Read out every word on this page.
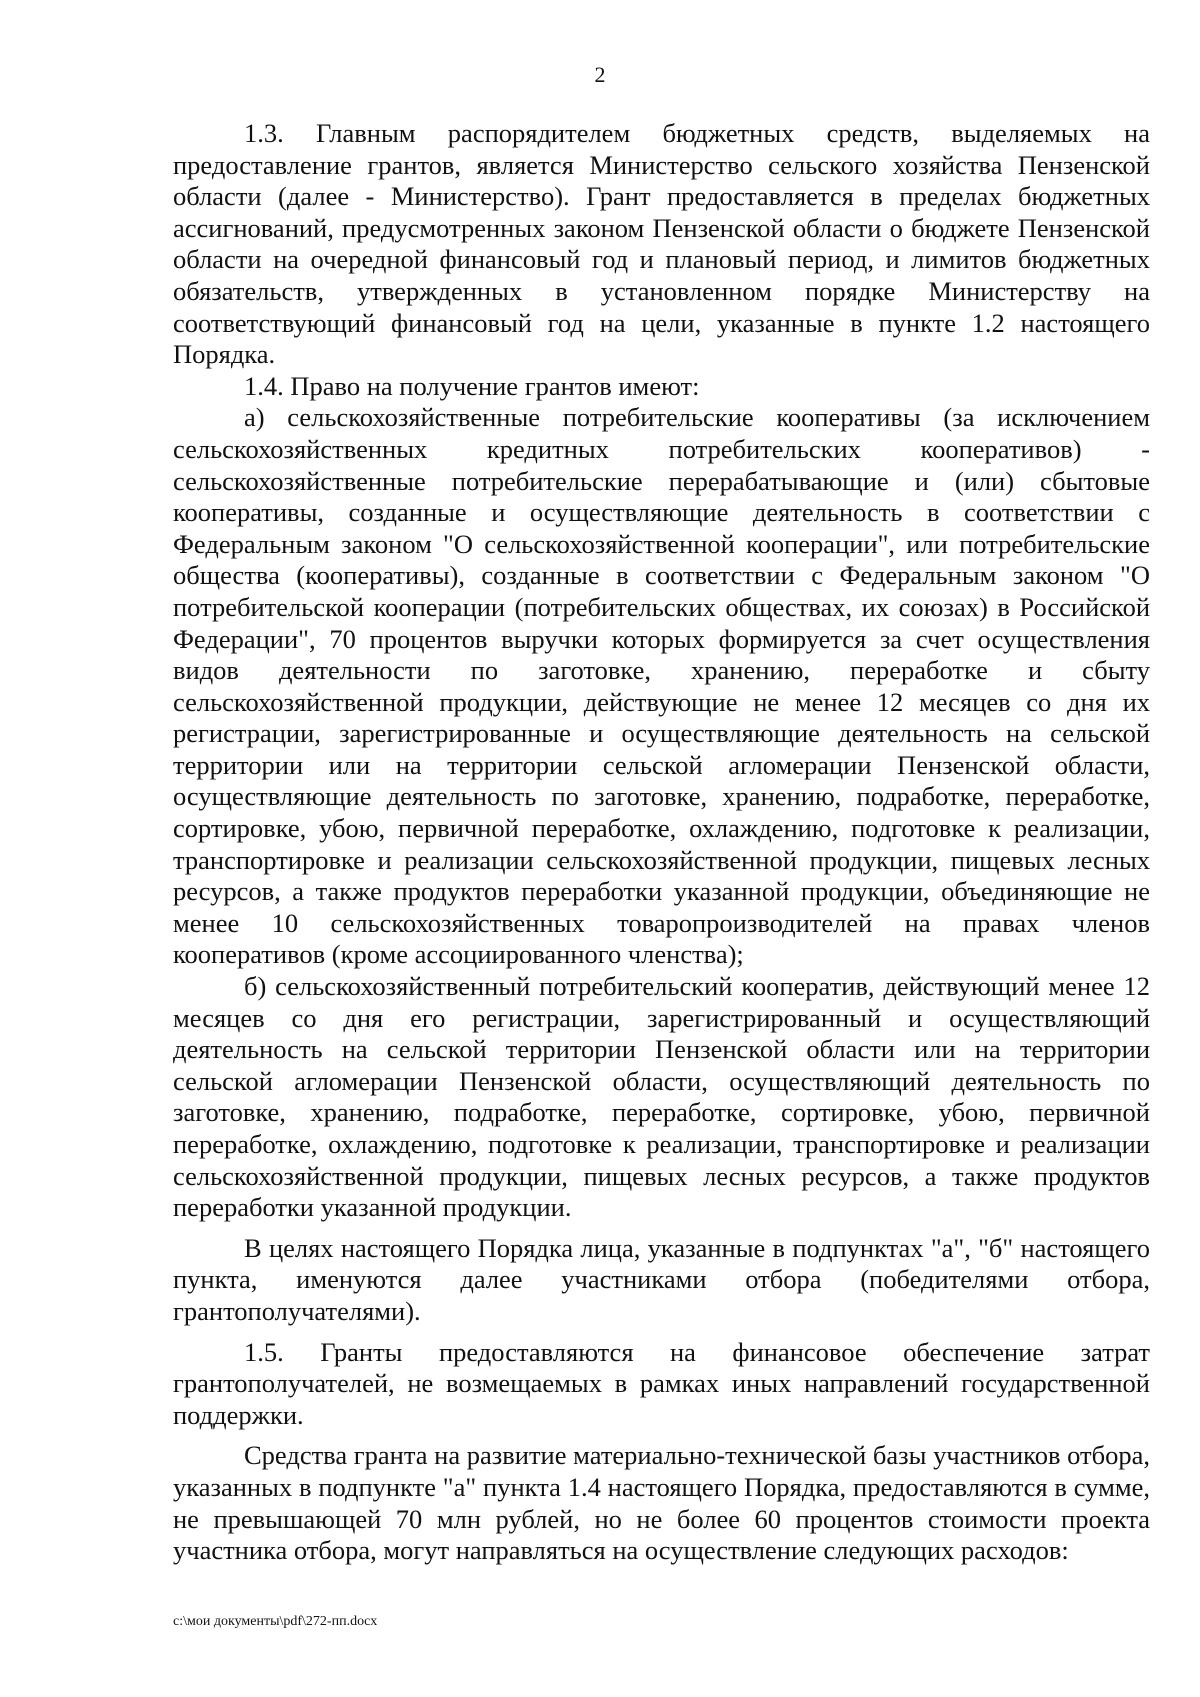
2

1.3. Главным распорядителем бюджетных средств, выделяемых на предоставление грантов, является Министерство сельского хозяйства Пензенской области (далее - Министерство). Грант предоставляется в пределах бюджетных ассигнований, предусмотренных законом Пензенской области о бюджете Пензенской области на очередной финансовый год и плановый период, и лимитов бюджетных обязательств, утвержденных в установленном порядке Министерству на соответствующий финансовый год на цели, указанные в пункте 1.2 настоящего Порядка.

1.4. Право на получение грантов имеют:

а) сельскохозяйственные потребительские кооперативы (за исключением сельскохозяйственных кредитных потребительских кооперативов) - сельскохозяйственные потребительские перерабатывающие и (или) сбытовые кооперативы, созданные и осуществляющие деятельность в соответствии с Федеральным законом "О сельскохозяйственной кооперации", или потребительские общества (кооперативы), созданные в соответствии с Федеральным законом "О потребительской кооперации (потребительских обществах, их союзах) в Российской Федерации", 70 процентов выручки которых формируется за счет осуществления видов деятельности по заготовке, хранению, переработке и сбыту сельскохозяйственной продукции, действующие не менее 12 месяцев со дня их регистрации, зарегистрированные и осуществляющие деятельность на сельской территории или на территории сельской агломерации Пензенской области, осуществляющие деятельность по заготовке, хранению, подработке, переработке, сортировке, убою, первичной переработке, охлаждению, подготовке к реализации, транспортировке и реализации сельскохозяйственной продукции, пищевых лесных ресурсов, а также продуктов переработки указанной продукции, объединяющие не менее 10 сельскохозяйственных товаропроизводителей на правах членов кооперативов (кроме ассоциированного членства);

б) сельскохозяйственный потребительский кооператив, действующий менее 12 месяцев со дня его регистрации, зарегистрированный и осуществляющий деятельность на сельской территории Пензенской области или на территории сельской агломерации Пензенской области, осуществляющий деятельность по заготовке, хранению, подработке, переработке, сортировке, убою, первичной переработке, охлаждению, подготовке к реализации, транспортировке и реализации сельскохозяйственной продукции, пищевых лесных ресурсов, а также продуктов переработки указанной продукции.

В целях настоящего Порядка лица, указанные в подпунктах "а", "б" настоящего пункта, именуются далее участниками отбора (победителями отбора, грантополучателями).

1.5. Гранты предоставляются на финансовое обеспечение затрат грантополучателей, не возмещаемых в рамках иных направлений государственной поддержки.

Средства гранта на развитие материально-технической базы участников отбора, указанных в подпункте "а" пункта 1.4 настоящего Порядка, предоставляются в сумме, не превышающей 70 млн рублей, но не более 60 процентов стоимости проекта участника отбора, могут направляться на осуществление следующих расходов:

c:\мои документы\pdf\272-пп.docx
